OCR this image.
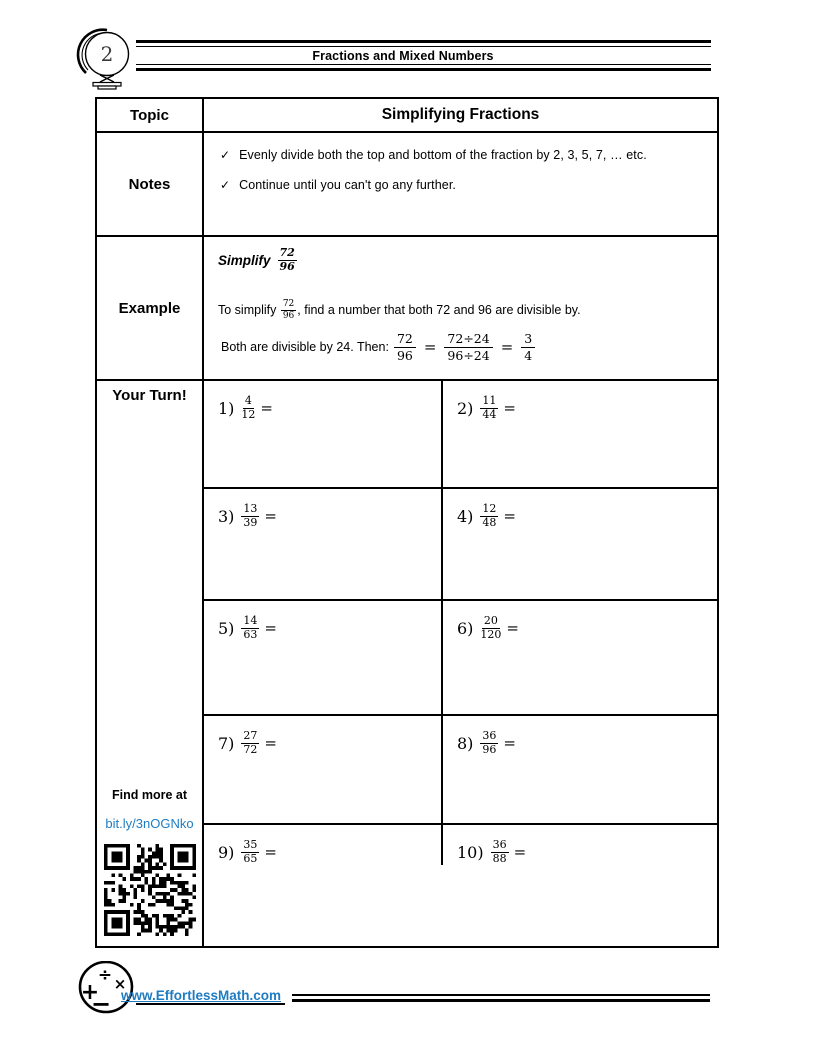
Fractions and Mixed Numbers
2
Topic	Simplifying Fractions
Notes
✓ Evenly divide both the top and bottom of the fraction by 2, 3, 5, 7, … etc.
✓ Continue until you can't go any further.
Example
Simplify $\frac{72}{96}$
To simplify
$\frac{72}{96}$ , find a number that both 72 and 96 are divisible by.
Both are divisible by 24. Then: $\frac{72}{96} = \frac{72\div 24}{96\div 24} = \frac{3}{4}$
Your Turn!
Find more at
bit.ly/3nOGNko
$1) \frac{4}{12}$ =	$2) \frac{11}{44}$ =
$3) \frac{13}{39}$ =	$4) \frac{12}{48}$ =
$5) \frac{14}{63}$ =	$6) \frac{20}{120}$ =
$7) \frac{27}{72}$ =	$8) \frac{36}{96}$ =
$9) \frac{35}{65}$ =	$10) \frac{36}{88}$ =
÷ ×
+
− www.EffortlessMath.com
